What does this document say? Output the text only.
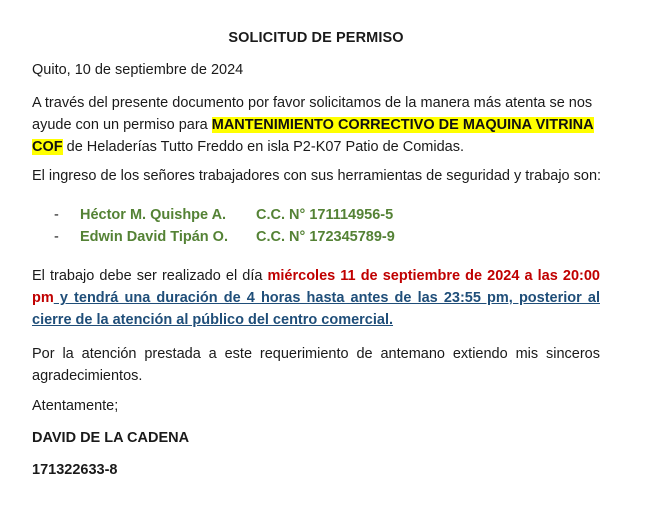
SOLICITUD DE PERMISO
Quito, 10 de septiembre de 2024
A través del presente documento por favor solicitamos de la manera más atenta se nos ayude con un permiso para MANTENIMIENTO CORRECTIVO DE MAQUINA VITRINA COF de Heladerías Tutto Freddo en isla P2-K07 Patio de Comidas.
El ingreso de los señores trabajadores con sus herramientas de seguridad y trabajo son:
-	Héctor M. Quishpe A. C.C. N° 171114956-5
-	Edwin David Tipán O. C.C. N° 172345789-9
El trabajo debe ser realizado el día miércoles 11 de septiembre de 2024 a las 20:00 pm y tendrá una duración de 4 horas hasta antes de las 23:55 pm, posterior al cierre de la atención al público del centro comercial.
Por la atención prestada a este requerimiento de antemano extiendo mis sinceros agradecimientos.
Atentamente;
DAVID DE LA CADENA
171322633-8
